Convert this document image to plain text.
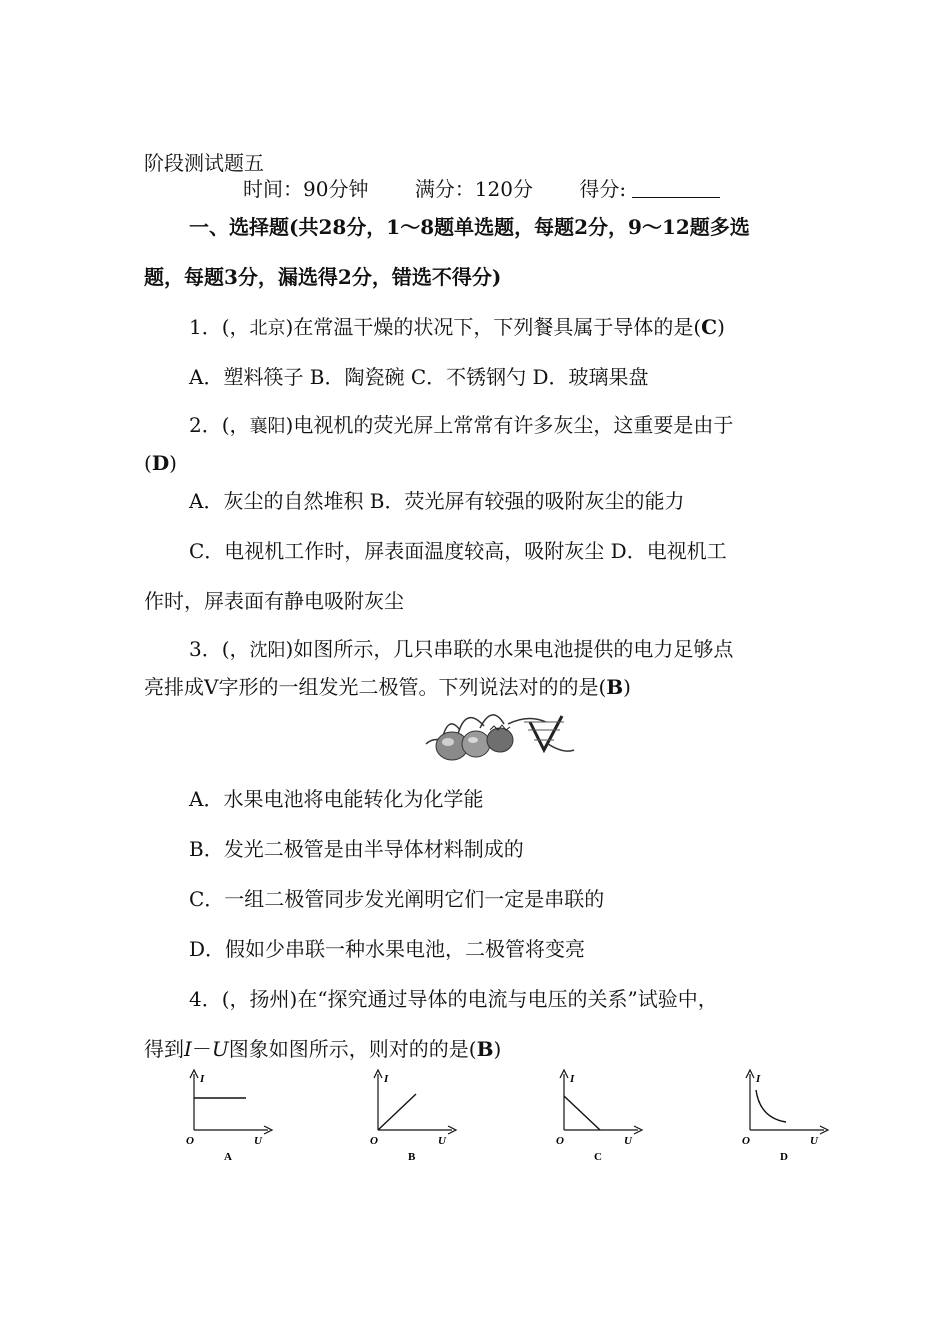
阶段测试题五
时间：90分钟 满分：120分 得分:
一、选择题(共28分，1～8题单选题，每题2分，9～12题多选
题，每题3分，漏选得2分，错选不得分)
1．(，北京)在常温干燥的状况下，下列餐具属于导体的是(C)
A．塑料筷子 B．陶瓷碗 C．不锈钢勺 D．玻璃果盘
2．(，襄阳)电视机的荧光屏上常常有许多灰尘，这重要是由于
(D)
A．灰尘的自然堆积 B．荧光屏有较强的吸附灰尘的能力
C．电视机工作时，屏表面温度较高，吸附灰尘 D．电视机工
作时，屏表面有静电吸附灰尘
3．(，沈阳)如图所示，几只串联的水果电池提供的电力足够点
亮排成V字形的一组发光二极管。下列说法对的的是(B)
A．水果电池将电能转化为化学能
B．发光二极管是由半导体材料制成的
C．一组二极管同步发光阐明它们一定是串联的
D．假如少串联一种水果电池，二极管将变亮
4．(，扬州)在“探究通过导体的电流与电压的关系”试验中，
得到I－U图象如图所示，则对的的是(B)
I
U
O
A
I
U
O
B
I
U
O
C
I
U
O
D
